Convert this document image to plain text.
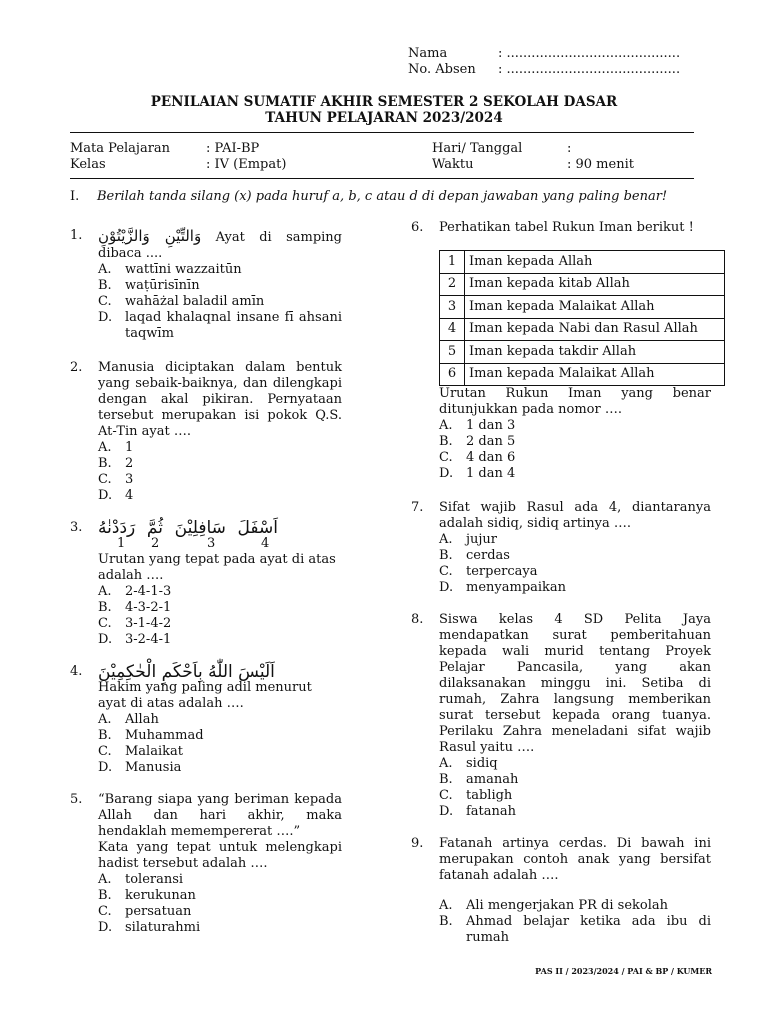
Nama	: ..........................................
No. Absen	: ..........................................
PENILAIAN SUMATIF AKHIR SEMESTER 2 SEKOLAH DASAR
TAHUN PELAJARAN 2023/2024
Mata Pelajaran	: PAI-BP	Hari/ Tanggal	:
Kelas	: IV (Empat)	Waktu	: 90 menit
I. Berilah tanda silang (x) pada huruf a, b, c atau d di depan jawaban yang paling benar!
1.	وَالتِّيْنِ وَالزَّيْتُوْنِ Ayat di samping dibaca ....
A.	wattīni wazzaitūn
B.	waṭūrisīnīn
C.	wahāżal baladil amīn
D. laqad khalaqnal insane fī ahsani taqwīm
2.	Manusia diciptakan dalam bentuk yang sebaik-baiknya, dan dilengkapi dengan akal pikiran. Pernyataan tersebut merupakan isi pokok Q.S. At-Tin ayat ….
A.	1
B.	2
C.	3
D. 4
3.	اَسْفَلَ
سَافِلِيْنَ
ثُمَّ
رَدَدْنٰهُ
1	2	3	4
Urutan yang tepat pada ayat di atas adalah ….
A.	2-4-1-3
B.	4-3-2-1
C.	3-1-4-2
D. 3-2-4-1
4. اَلَيْسَ اللّٰهُ بِاَحْكَمِ الْحٰكِمِيْنَ
Hakim yang paling adil menurut ayat di atas adalah ….
A.	Allah
B.	Muhammad
C.	Malaikat
D. Manusia
5.	“Barang siapa yang beriman kepada Allah dan hari akhir, maka hendaklah memempererat ….”
Kata yang tepat untuk melengkapi hadist tersebut adalah ….
A.	toleransi
B.	kerukunan
C.	persatuan
D. silaturahmi
6.	Perhatikan tabel Rukun Iman berikut !
1	Iman kepada Allah
2	Iman kepada kitab Allah
3	Iman kepada Malaikat Allah
4	Iman kepada Nabi dan Rasul Allah
5	Iman kepada takdir Allah
6	Iman kepada Malaikat Allah
Urutan Rukun Iman yang benar ditunjukkan pada nomor ….
A.	1 dan 3
B.	2 dan 5
C.	4 dan 6
D. 1 dan 4
7.	Sifat wajib Rasul ada 4, diantaranya adalah sidiq, sidiq artinya ….
A.	jujur
B.	cerdas
C.	terpercaya
D. menyampaikan
8.	Siswa kelas 4 SD Pelita Jaya mendapatkan surat pemberitahuan kepada wali murid tentang Proyek Pelajar Pancasila, yang akan dilaksanakan minggu ini. Setiba di rumah, Zahra langsung memberikan surat tersebut kepada orang tuanya. Perilaku Zahra meneladani sifat wajib Rasul yaitu ….
A.	sidiq
B.	amanah
C.	tabligh
D. fatanah
9.	Fatanah artinya cerdas. Di bawah ini merupakan contoh anak yang bersifat fatanah adalah ….
A.	Ali mengerjakan PR di sekolah
B.	Ahmad belajar ketika ada ibu di rumah
PAS II / 2023/2024 / PAI & BP / KUMER
